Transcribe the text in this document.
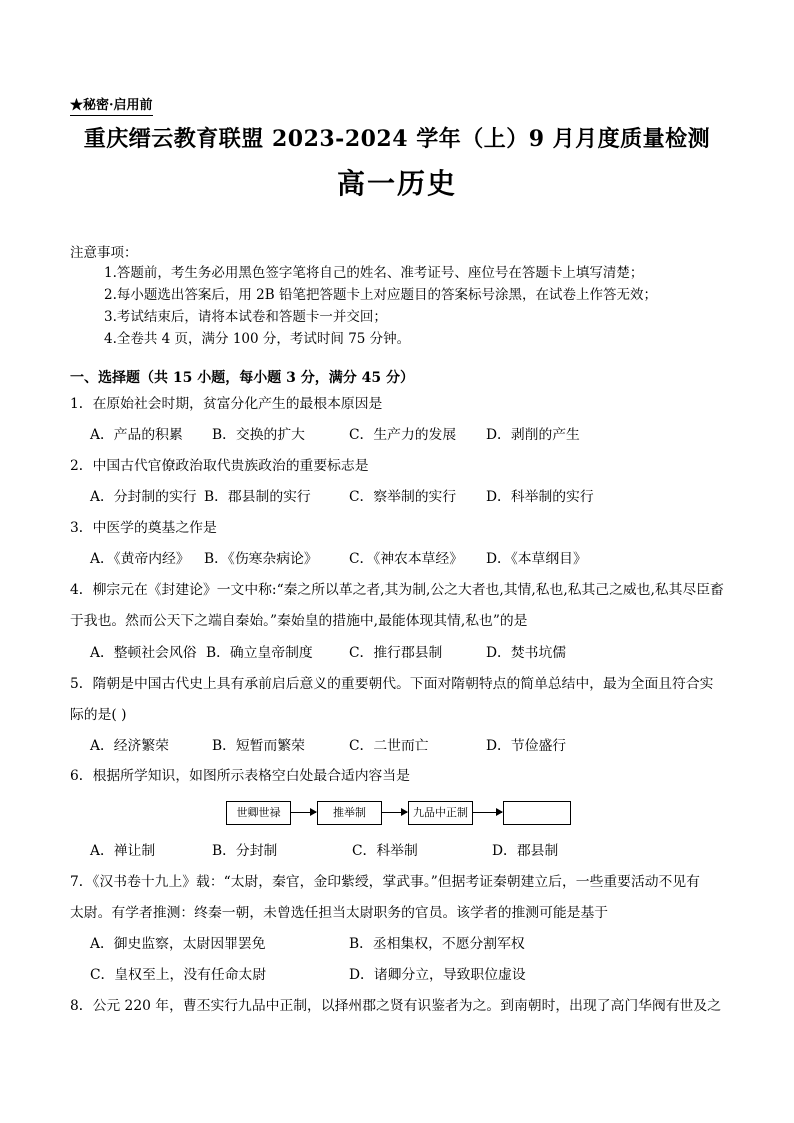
★秘密·启用前
重庆缙云教育联盟 2023-2024 学年（上）9 月月度质量检测
高一历史
注意事项：
1.答题前，考生务必用黑色签字笔将自己的姓名、准考证号、座位号在答题卡上填写清楚；
2.每小题选出答案后，用 2B 铅笔把答题卡上对应题目的答案标号涂黑，在试卷上作答无效；
3.考试结束后，请将本试卷和答题卡一并交回；
4.全卷共 4 页，满分 100 分，考试时间 75 分钟。
一、选择题（共 15 小题，每小题 3 分，满分 45 分）
1．在原始社会时期，贫富分化产生的最根本原因是
A．产品的积累 B．交换的扩大	C．生产力的发展 D．剥削的产生
2．中国古代官僚政治取代贵族政治的重要标志是
A．分封制的实行 B．郡县制的实行	C．察举制的实行 D．科举制的实行
3．中医学的奠基之作是
A．《黄帝内经》 B．《伤寒杂病论》 C．《神农本草经》 D．《本草纲目》
4．柳宗元在《封建论》一文中称:“秦之所以革之者,其为制,公之大者也,其情,私也,私其己之威也,私其尽臣畜
于我也。然而公天下之端自秦始。”秦始皇的措施中,最能体现其情,私也”的是
A．整顿社会风俗 B．确立皇帝制度	C．推行郡县制	D．焚书坑儒
5．隋朝是中国古代史上具有承前启后意义的重要朝代。下面对隋朝特点的简单总结中，最为全面且符合实
际的是( )
A．经济繁荣	B．短暂而繁荣	C．二世而亡	D．节俭盛行
6．根据所学知识，如图所示表格空白处最合适内容当是
世卿世禄	推举制	九品中正制
A．禅让制	B．分封制	C．科举制	D．郡县制
7．《汉书卷十九上》载：“太尉，秦官，金印紫绶，掌武事。”但据考证秦朝建立后，一些重要活动不见有
太尉。有学者推测：终秦一朝，未曾选任担当太尉职务的官员。该学者的推测可能是基于
A．御史监察，太尉因罪罢免	B．丞相集权，不愿分割军权
C．皇权至上，没有任命太尉	D．诸卿分立，导致职位虚设
8．公元 220 年，曹丕实行九品中正制，以择州郡之贤有识鉴者为之。到南朝时，出现了高门华阀有世及之
